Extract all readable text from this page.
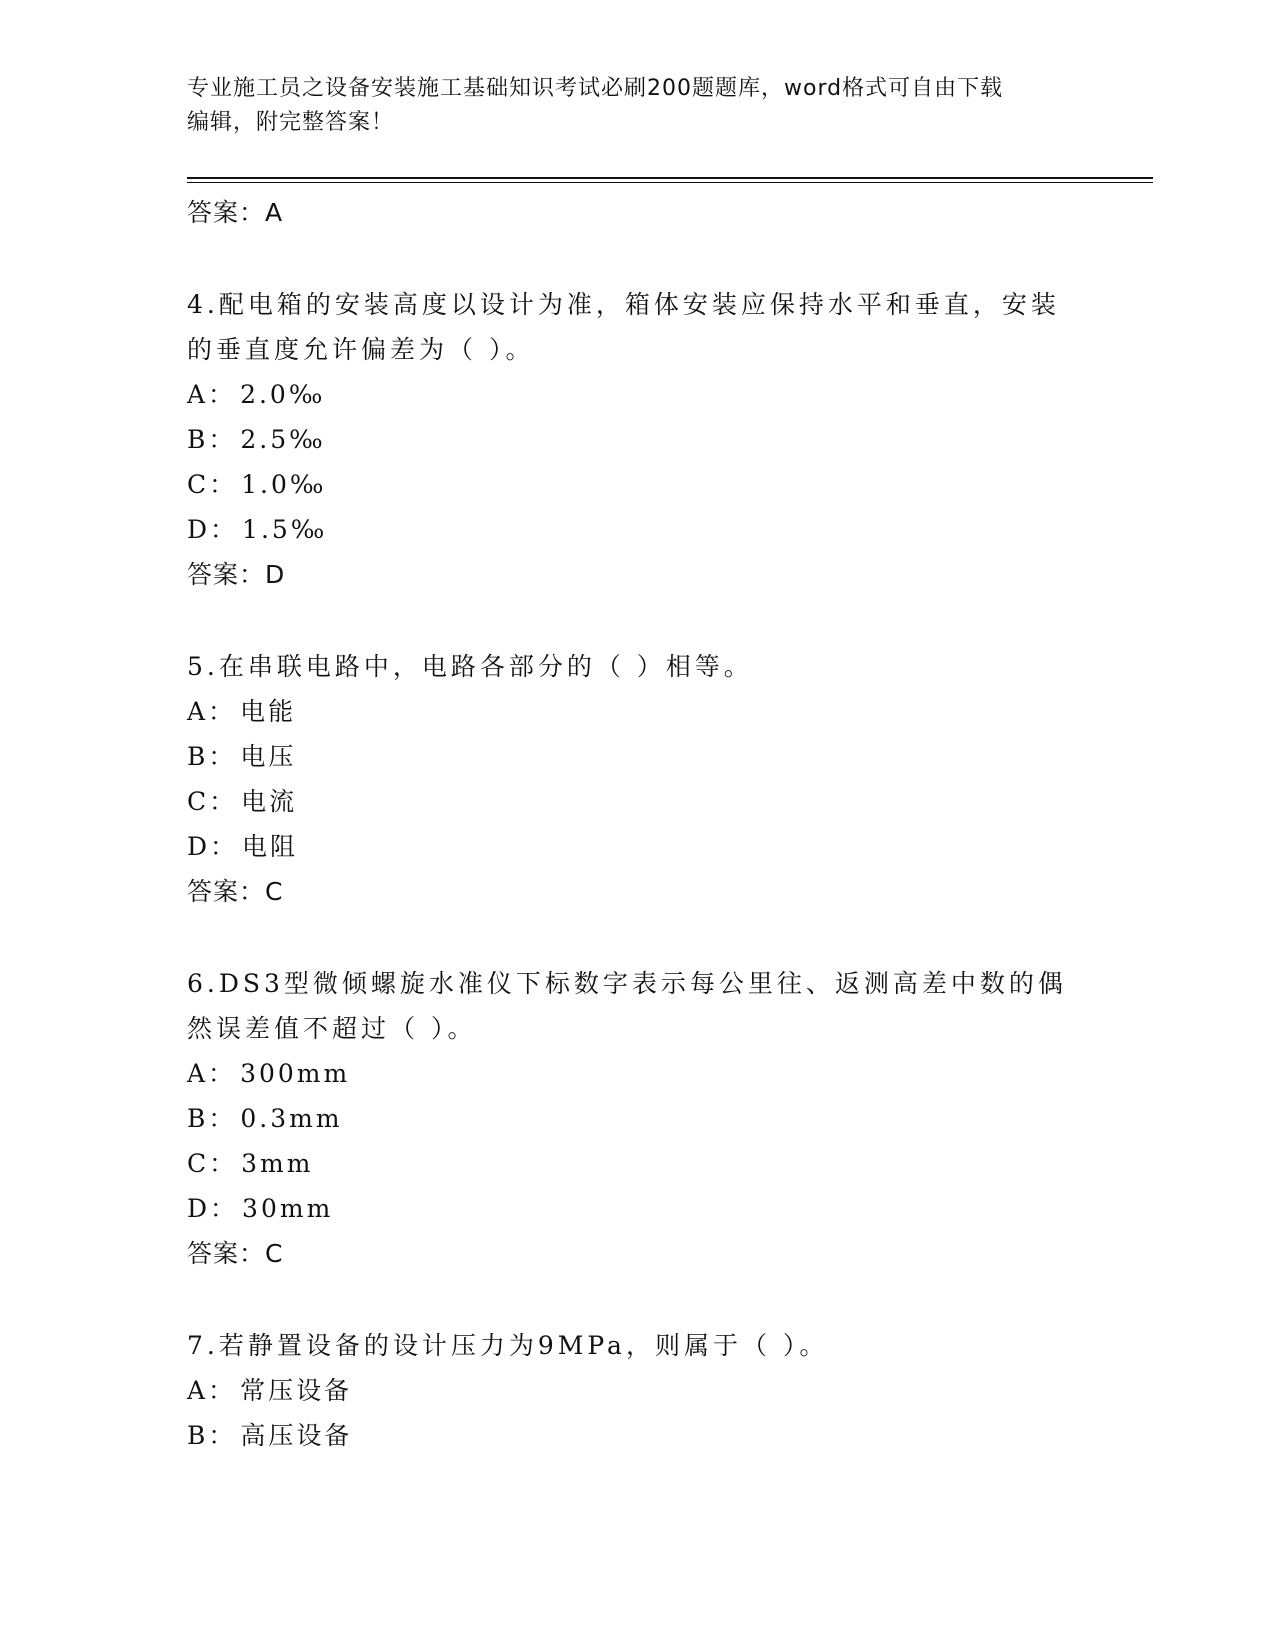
专业施工员之设备安装施工基础知识考试必刷200题题库，word格式可自由下载
编辑，附完整答案！
答案：A
4.配电箱的安装高度以设计为准，箱体安装应保持水平和垂直，安装的垂直度允许偏差为（ ）。
A： 2.0‰
B： 2.5‰
C： 1.0‰
D： 1.5‰
答案：D
5.在串联电路中，电路各部分的（ ）相等。
A： 电能
B： 电压
C： 电流
D： 电阻
答案：C
6.DS3型微倾螺旋水准仪下标数字表示每公里往、返测高差中数的偶然误差值不超过（ ）。
A： 300mm
B： 0.3mm
C： 3mm
D： 30mm
答案：C
7.若静置设备的设计压力为9MPa，则属于（ ）。
A： 常压设备
B： 高压设备
